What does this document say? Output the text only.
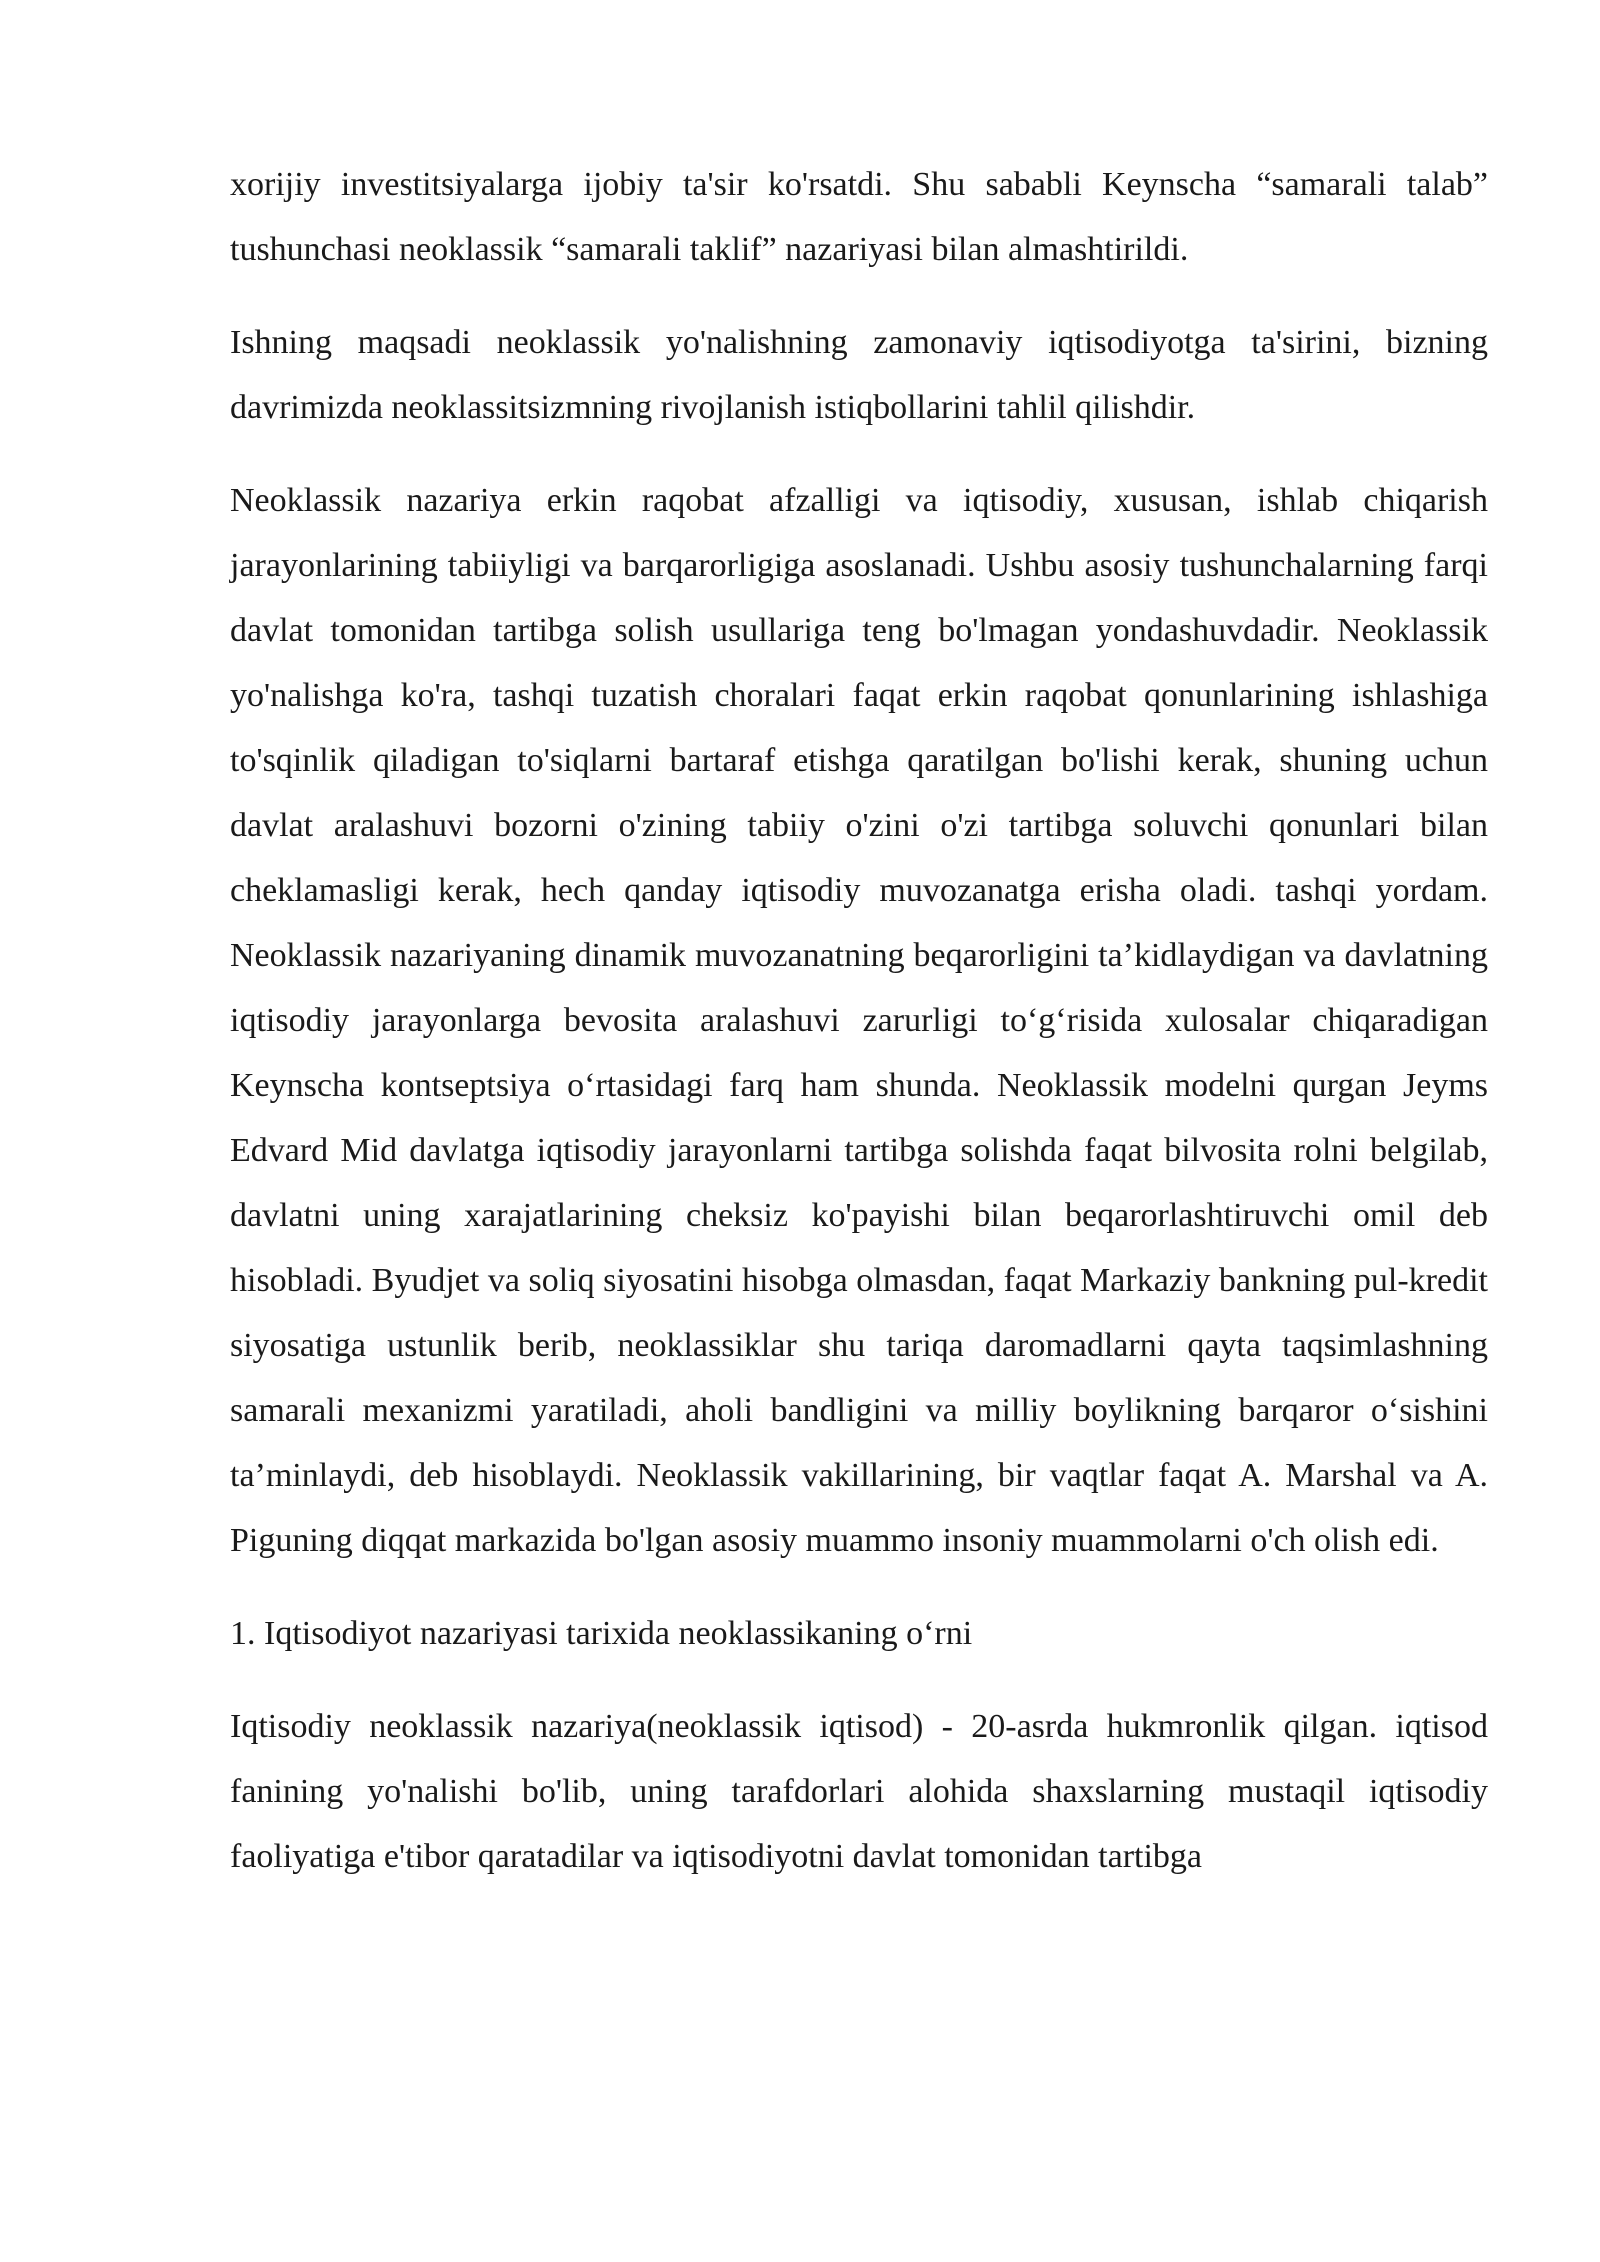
xorijiy investitsiyalarga ijobiy ta'sir ko'rsatdi. Shu sababli Keynscha “samarali talab” tushunchasi neoklassik “samarali taklif” nazariyasi bilan almashtirildi.

Ishning maqsadi neoklassik yo'nalishning zamonaviy iqtisodiyotga ta'sirini, bizning davrimizda neoklassitsizmning rivojlanish istiqbollarini tahlil qilishdir.

Neoklassik nazariya erkin raqobat afzalligi va iqtisodiy, xususan, ishlab chiqarish jarayonlarining tabiiyligi va barqarorligiga asoslanadi. Ushbu asosiy tushunchalarning farqi davlat tomonidan tartibga solish usullariga teng bo'lmagan yondashuvdadir. Neoklassik yo'nalishga ko'ra, tashqi tuzatish choralari faqat erkin raqobat qonunlarining ishlashiga to'sqinlik qiladigan to'siqlarni bartaraf etishga qaratilgan bo'lishi kerak, shuning uchun davlat aralashuvi bozorni o'zining tabiiy o'zini o'zi tartibga soluvchi qonunlari bilan cheklamasligi kerak, hech qanday iqtisodiy muvozanatga erisha oladi. tashqi yordam. Neoklassik nazariyaning dinamik muvozanatning beqarorligini ta’kidlaydigan va davlatning iqtisodiy jarayonlarga bevosita aralashuvi zarurligi to‘g‘risida xulosalar chiqaradigan Keynscha kontseptsiya o‘rtasidagi farq ham shunda. Neoklassik modelni qurgan Jeyms Edvard Mid davlatga iqtisodiy jarayonlarni tartibga solishda faqat bilvosita rolni belgilab, davlatni uning xarajatlarining cheksiz ko'payishi bilan beqarorlashtiruvchi omil deb hisobladi. Byudjet va soliq siyosatini hisobga olmasdan, faqat Markaziy bankning pul-kredit siyosatiga ustunlik berib, neoklassiklar shu tariqa daromadlarni qayta taqsimlashning samarali mexanizmi yaratiladi, aholi bandligini va milliy boylikning barqaror o‘sishini ta’minlaydi, deb hisoblaydi. Neoklassik vakillarining, bir vaqtlar faqat A. Marshal va A. Piguning diqqat markazida bo'lgan asosiy muammo insoniy muammolarni o'ch olish edi.

1. Iqtisodiyot nazariyasi tarixida neoklassikaning o‘rni

Iqtisodiy neoklassik nazariya(neoklassik iqtisod) - 20-asrda hukmronlik qilgan. iqtisod fanining yo'nalishi bo'lib, uning tarafdorlari alohida shaxslarning mustaqil iqtisodiy faoliyatiga e'tibor qaratadilar va iqtisodiyotni davlat tomonidan tartibga
